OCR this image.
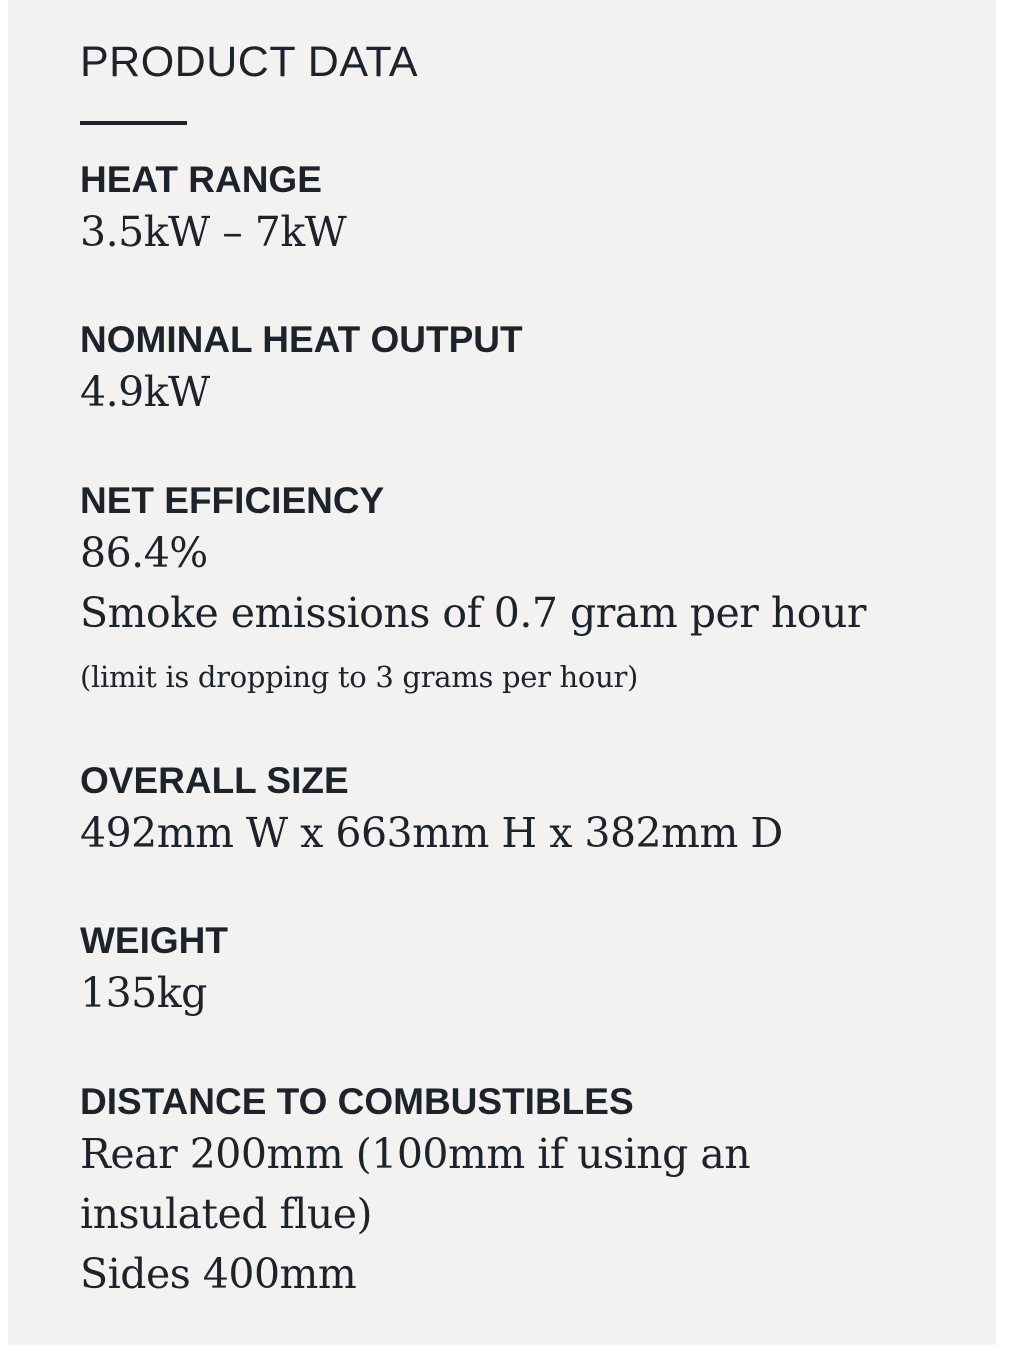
PRODUCT DATA

HEAT RANGE

3.5kW – 7kW

NOMINAL HEAT OUTPUT

4.9kW

NET EFFICIENCY

86.4%

Smoke emissions of 0.7 gram per hour (limit is dropping to 3 grams per hour)

OVERALL SIZE

492mm W x 663mm H x 382mm D

WEIGHT

135kg

DISTANCE TO COMBUSTIBLES

Rear 200mm (100mm if using an insulated flue)

Sides 400mm
